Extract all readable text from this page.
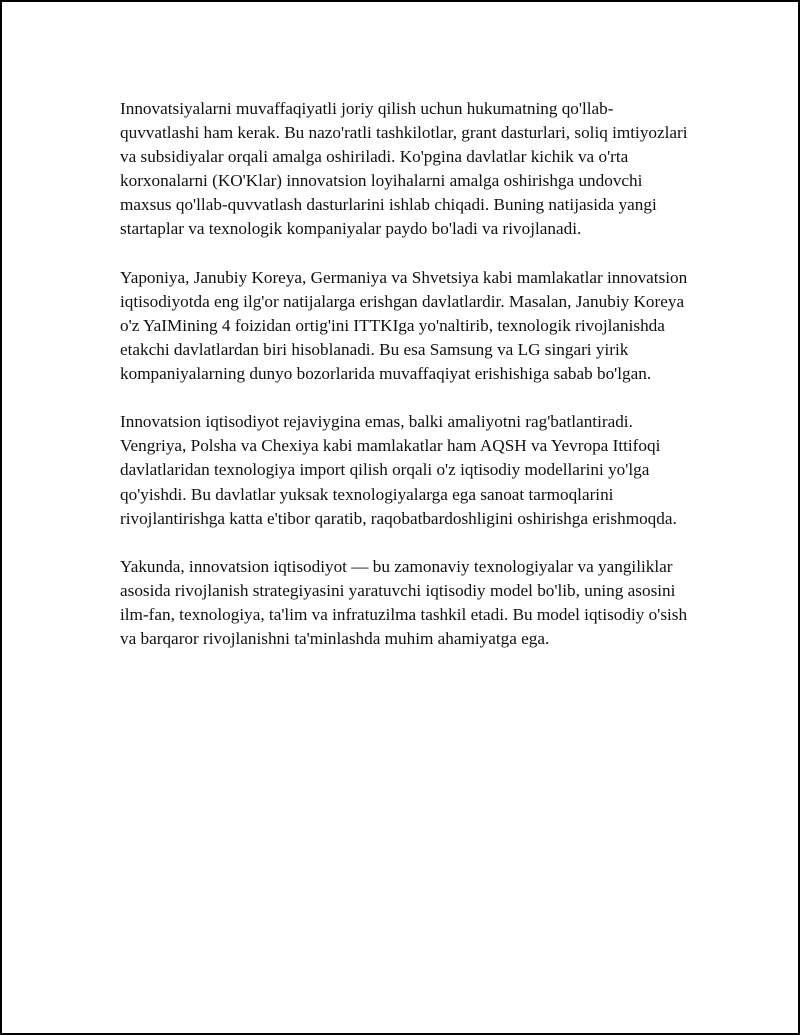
Innovatsiyalarni muvaffaqiyatli joriy qilish uchun hukumatning qo'llab-quvvatlashi ham kerak. Bu nazo'ratli tashkilotlar, grant dasturlari, soliq imtiyozlari va subsidiyalar orqali amalga oshiriladi. Ko'pgina davlatlar kichik va o'rta korxonalarni (KO'Klar) innovatsion loyihalarni amalga oshirishga undovchi maxsus qo'llab-quvvatlash dasturlarini ishlab chiqadi. Buning natijasida yangi startaplar va texnologik kompaniyalar paydo bo'ladi va rivojlanadi.

Yaponiya, Janubiy Koreya, Germaniya va Shvetsiya kabi mamlakatlar innovatsion iqtisodiyotda eng ilg'or natijalarga erishgan davlatlardir. Masalan, Janubiy Koreya o'z YaIMining 4 foizidan ortig'ini ITTKIga yo'naltirib, texnologik rivojlanishda etakchi davlatlardan biri hisoblanadi. Bu esa Samsung va LG singari yirik kompaniyalarning dunyo bozorlarida muvaffaqiyat erishishiga sabab bo'lgan.

Innovatsion iqtisodiyot rejaviygina emas, balki amaliyotni rag'batlantiradi. Vengriya, Polsha va Chexiya kabi mamlakatlar ham AQSH va Yevropa Ittifoqi davlatlaridan texnologiya import qilish orqali o'z iqtisodiy modellarini yo'lga qo'yishdi. Bu davlatlar yuksak texnologiyalarga ega sanoat tarmoqlarini rivojlantirishga katta e'tibor qaratib, raqobatbardoshligini oshirishga erishmoqda.

Yakunda, innovatsion iqtisodiyot — bu zamonaviy texnologiyalar va yangiliklar asosida rivojlanish strategiyasini yaratuvchi iqtisodiy model bo'lib, uning asosini ilm-fan, texnologiya, ta'lim va infratuzilma tashkil etadi. Bu model iqtisodiy o'sish va barqaror rivojlanishni ta'minlashda muhim ahamiyatga ega.
